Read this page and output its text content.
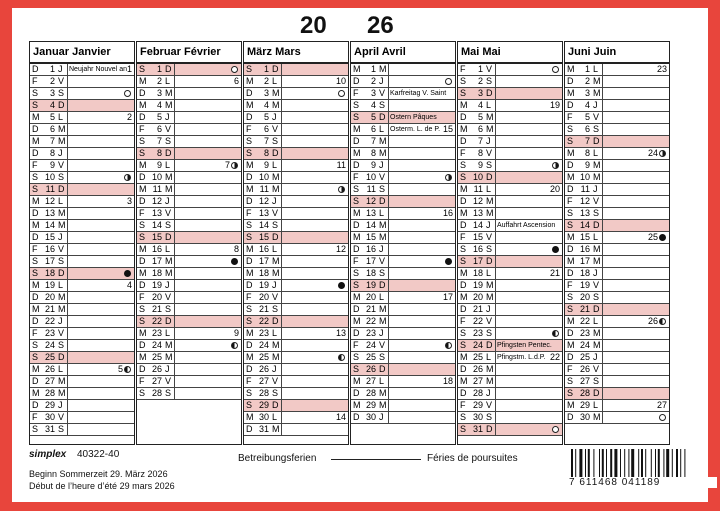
20 26
Januar Janvier
D	1 J Neujahr Nouvel an 1
F	2 V
S	3 S
S	4 D
M	5 L	2
D	6 M
M	7 M
D	8 J
F	9 V
S 10 S
S 11 D
M 12 L	3
D 13 M
M 14 M
D 15 J
F 16 V
S 17 S
S 18 D
M 19 L	4
D 20 M
M 21 M
D 22 J
F 23 V
S 24 S
S 25 D
M 26 L	5
D 27 M
M 28 M
D 29 J
F 30 V
S 31 S
Februar Février
S	1 D
M	2 L	6
D	3 M
M	4 M
D	5 J
F	6 V
S	7 S
S	8 D
M	9 L	7
D 10 M
M 11 M
D 12 J
F 13 V
S 14 S
S 15 D
M 16 L	8
D 17 M
M 18 M
D 19 J
F 20 V
S 21 S
S 22 D
M 23 L	9
D 24 M
M 25 M
D 26 J
F 27 V
S 28 S
März Mars
S	1 D
M	2 L	10
D	3 M
M	4 M
D	5 J
F	6 V
S	7 S
S	8 D
M	9 L	11
D 10 M
M 11 M
D 12 J
F 13 V
S 14 S
S 15 D
M 16 L	12
D 17 M
M 18 M
D 19 J
F 20 V
S 21 S
S 22 D
M 23 L	13
D 24 M
M 25 M
D 26 J
F 27 V
S 28 S
S 29 D
M 30 L	14
D 31 M
April Avril
M	1 M
D	2 J
F	3 V Karfreitag V. Saint
S	4 S
S	5 D Ostern Pâques
M	6 L Osterm. L. de P. 15
D	7 M
M	8 M
D	9 J
F 10 V
S 11 S
S 12 D
M 13 L	16
D 14 M
M 15 M
D 16 J
F 17 V
S 18 S
S 19 D
M 20 L	17
D 21 M
M 22 M
D 23 J
F 24 V
S 25 S
S 26 D
M 27 L	18
D 28 M
M 29 M
D 30 J
Mai Mai
F	1 V
S	2 S
S	3 D
M	4 L	19
D	5 M
M	6 M
D	7 J
F	8 V
S	9 S
S 10 D
M 11 L	20
D 12 M
M 13 M
D 14 J Auffahrt Ascension
F 15 V
S 16 S
S 17 D
M 18 L	21
D 19 M
M 20 M
D 21 J
F 22 V
S 23 S
S 24 D Pfingsten Pentec.
M 25 L Pfingstm. L.d.P. 22
D 26 M
M 27 M
D 28 J
F 29 V
S 30 S
S 31 D
Juni Juin
M	1 L	23
D	2 M
M	3 M
D	4 J
F	5 V
S	6 S
S	7 D
M	8 L	24
D	9 M
M 10 M
D 11 J
F 12 V
S 13 S
S 14 D
M 15 L	25
D 16 M
M 17 M
D 18 J
F 19 V
S 20 S
S 21 D
M 22 L	26
D 23 M
M 24 M
D 25 J
F 26 V
S 27 S
S 28 D
M 29 L	27
D 30 M
simplex 40322-40
Beginn Sommerzeit 29. März 2026
Début de l’heure d’été 29 mars 2026
Betreibungsferien	Féries de poursuites
7 611468 041189
